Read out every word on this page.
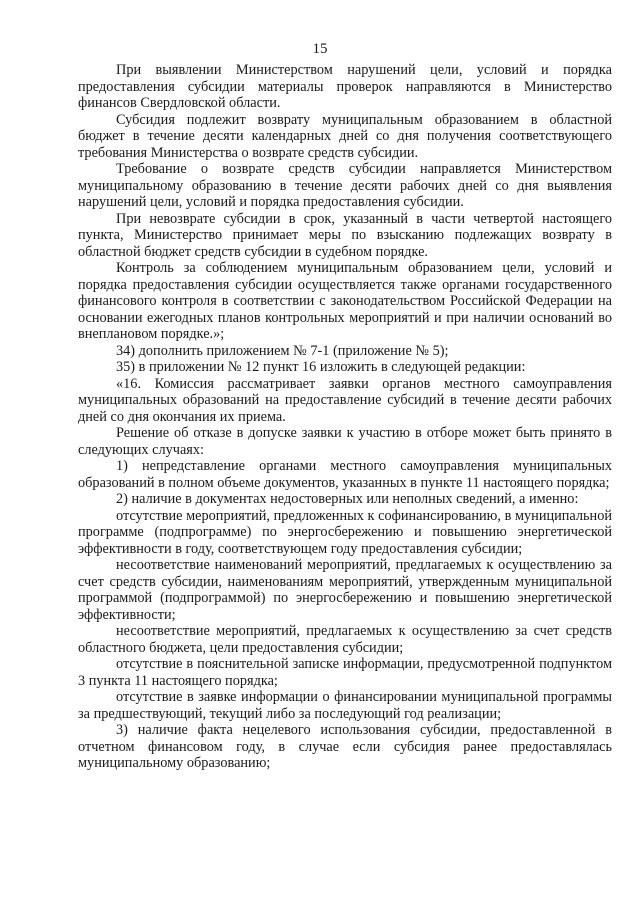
15

При выявлении Министерством нарушений цели, условий и порядка предоставления субсидии материалы проверок направляются в Министерство финансов Свердловской области.

Субсидия подлежит возврату муниципальным образованием в областной бюджет в течение десяти календарных дней со дня получения соответствующего требования Министерства о возврате средств субсидии.

Требование о возврате средств субсидии направляется Министерством муниципальному образованию в течение десяти рабочих дней со дня выявления нарушений цели, условий и порядка предоставления субсидии.

При невозврате субсидии в срок, указанный в части четвертой настоящего пункта, Министерство принимает меры по взысканию подлежащих возврату в областной бюджет средств субсидии в судебном порядке.

Контроль за соблюдением муниципальным образованием цели, условий и порядка предоставления субсидии осуществляется также органами государственного финансового контроля в соответствии с законодательством Российской Федерации на основании ежегодных планов контрольных мероприятий и при наличии оснований во внеплановом порядке.»;

34) дополнить приложением № 7-1 (приложение № 5);

35) в приложении № 12 пункт 16 изложить в следующей редакции:

«16. Комиссия рассматривает заявки органов местного самоуправления муниципальных образований на предоставление субсидий в течение десяти рабочих дней со дня окончания их приема.

Решение об отказе в допуске заявки к участию в отборе может быть принято в следующих случаях:

1) непредставление органами местного самоуправления муниципальных образований в полном объеме документов, указанных в пункте 11 настоящего порядка;

2) наличие в документах недостоверных или неполных сведений, а именно:

отсутствие мероприятий, предложенных к софинансированию, в муниципальной программе (подпрограмме) по энергосбережению и повышению энергетической эффективности в году, соответствующем году предоставления субсидии;

несоответствие наименований мероприятий, предлагаемых к осуществлению за счет средств субсидии, наименованиям мероприятий, утвержденным муниципальной программой (подпрограммой) по энергосбережению и повышению энергетической эффективности;

несоответствие мероприятий, предлагаемых к осуществлению за счет средств областного бюджета, цели предоставления субсидии;

отсутствие в пояснительной записке информации, предусмотренной подпунктом 3 пункта 11 настоящего порядка;

отсутствие в заявке информации о финансировании муниципальной программы за предшествующий, текущий либо за последующий год реализации;

3) наличие факта нецелевого использования субсидии, предоставленной в отчетном финансовом году, в случае если субсидия ранее предоставлялась муниципальному образованию;
